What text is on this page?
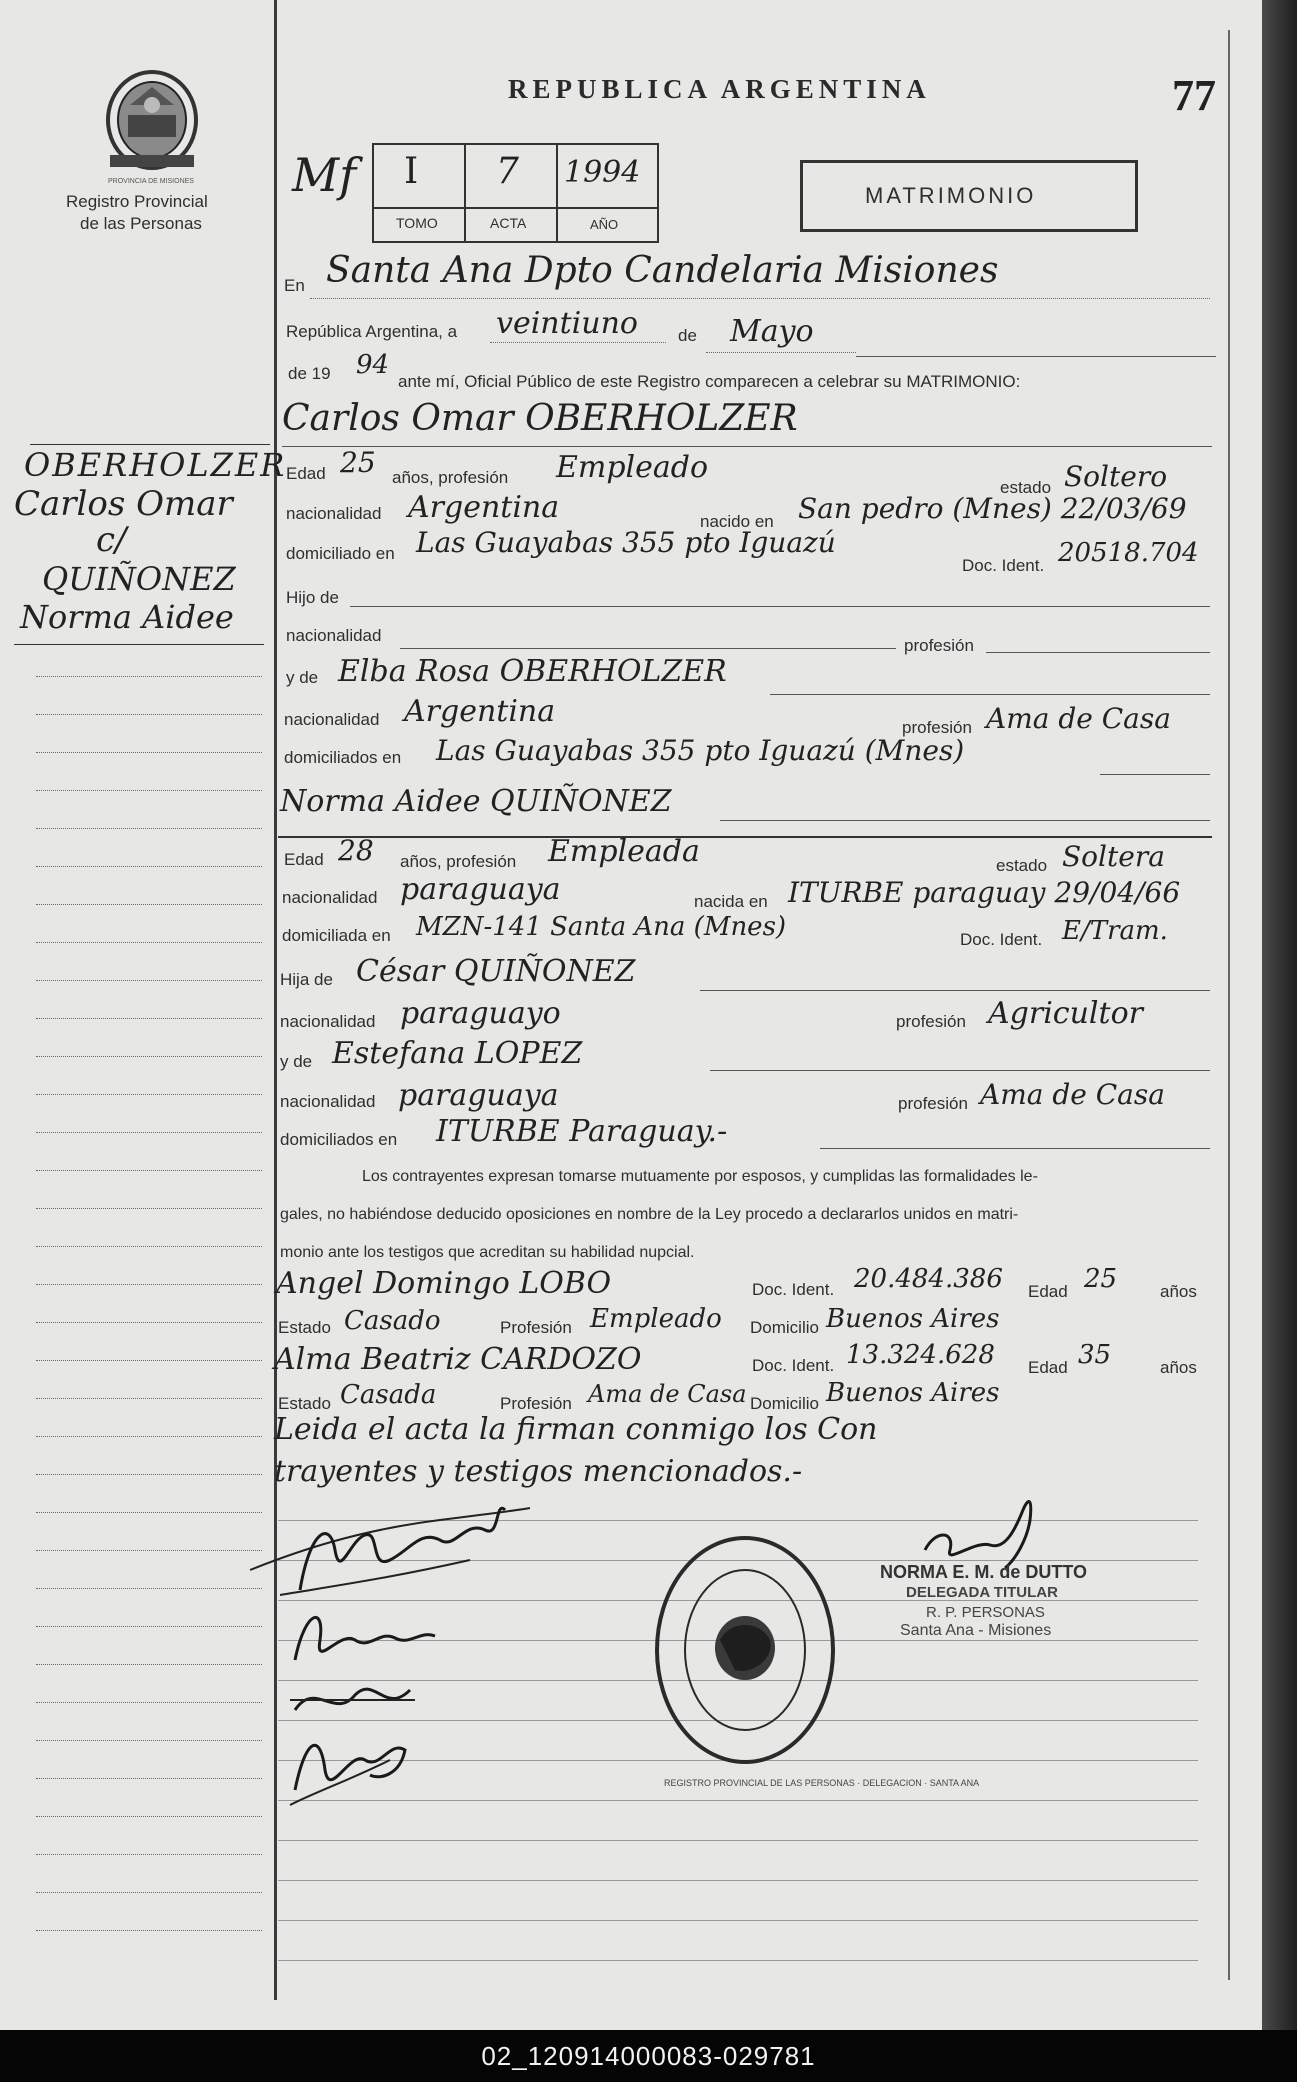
PROVINCIA DE MISIONES
Registro Provincial
de las Personas
REPUBLICA ARGENTINA	77
Mf I 7 1994
TOMO	ACTA	AÑO
MATRIMONIO
En Santa Ana Dpto Candelaria Misiones
República Argentina, a veintiuno de Mayo
de 19 94
ante mí, Oficial Público de este Registro comparecen a celebrar su MATRIMONIO:
Carlos Omar OBERHOLZER
Edad 25 años, profesión Empleado
estado Soltero
nacionalidad Argentina	nacido en San pedro (Mnes) 22/03/69
domiciliado en Las Guayabas 355 pto Iguazú
Doc. Ident. 20518.704
Hijo de
nacionalidad
profesión
y de Elba Rosa OBERHOLZER
nacionalidad Argentina	profesión Ama de Casa
domiciliados en Las Guayabas 355 pto Iguazú (Mnes)
Norma Aidee QUIÑONEZ
Edad 28 años, profesión Empleada	estado Soltera
nacionalidad paraguaya	nacida en ITURBE paraguay 29/04/66
domiciliada en MZN-141 Santa Ana (Mnes)	Doc. Ident. E/Tram.
Hija de César QUIÑONEZ
nacionalidad paraguayo	profesión Agricultor
y de Estefana LOPEZ
nacionalidad paraguaya	profesión Ama de Casa
domiciliados en ITURBE Paraguay.-
Los contrayentes expresan tomarse mutuamente por esposos, y cumplidas las formalidades le-
gales, no habiéndose deducido oposiciones en nombre de la Ley procedo a declararlos unidos en matri-
monio ante los testigos que acreditan su habilidad nupcial.
Angel Domingo LOBO	Doc. Ident. 20.484.386 Edad 25	años
Estado Casado	Profesión Empleado Domicilio Buenos Aires
Alma Beatriz CARDOZO	Doc. Ident. 13.324.628 Edad 35	años
Estado Casada	Profesión Ama de Casa Domicilio Buenos Aires
Leida el acta la firman conmigo los Con
trayentes y testigos mencionados.-
REGISTRO PROVINCIAL DE LAS PERSONAS · DELEGACION · SANTA ANA
NORMA E. M. de DUTTO
DELEGADA TITULAR
R. P. PERSONAS
Santa Ana - Misiones
OBERHOLZER
Carlos Omar
c/
QUIÑONEZ
Norma Aidee
02_120914000083-029781
